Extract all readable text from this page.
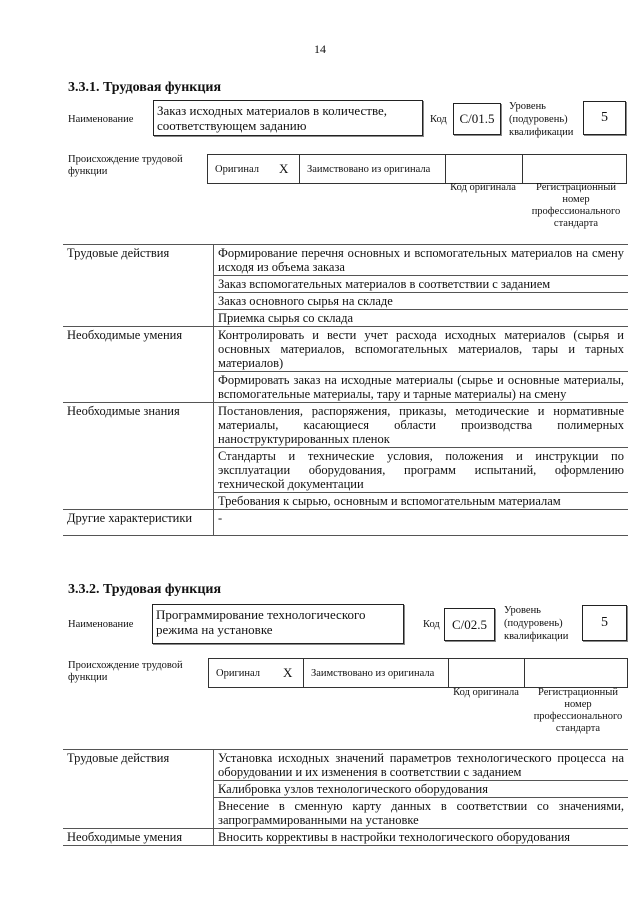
14
3.3.1. Трудовая функция
Наименование
Заказ исходных материалов в количестве, соответствующем заданию	Код С/01.5
Уровень (подуровень) квалификации
5
Происхождение трудовой функции	Оригинал X Заимствовано из оригинала
Код оригинала	Регистрационный номер профессионального стандарта
Трудовые действия	Формирование перечня основных и вспомогательных материалов на смену исходя из объема заказа
	Заказ вспомогательных материалов в соответствии с заданием
	Заказ основного сырья на складе
	Приемка сырья со склада
Необходимые умения	Контролировать и вести учет расхода исходных материалов (сырья и основных материалов, вспомогательных материалов, тары и тарных материалов)
	Формировать заказ на исходные материалы (сырье и основные материалы, вспомогательные материалы, тару и тарные материалы) на смену
Необходимые знания	Постановления, распоряжения, приказы, методические и нормативные материалы, касающиеся области производства полимерных наноструктурированных пленок
	Стандарты и технические условия, положения и инструкции по эксплуатации оборудования, программ испытаний, оформлению технической документации
	Требования к сырью, основным и вспомогательным материалам
Другие характеристики	-
3.3.2. Трудовая функция
Наименование
Программирование технологического режима на установке	Код С/02.5
Уровень (подуровень) квалификации
5
Происхождение трудовой функции	Оригинал X Заимствовано из оригинала
Код оригинала	Регистрационный номер профессионального стандарта
Трудовые действия	Установка исходных значений параметров технологического процесса на оборудовании и их изменения в соответствии с заданием
	Калибровка узлов технологического оборудования
	Внесение в сменную карту данных в соответствии со значениями, запрограммированными на установке
Необходимые умения	Вносить коррективы в настройки технологического оборудования
